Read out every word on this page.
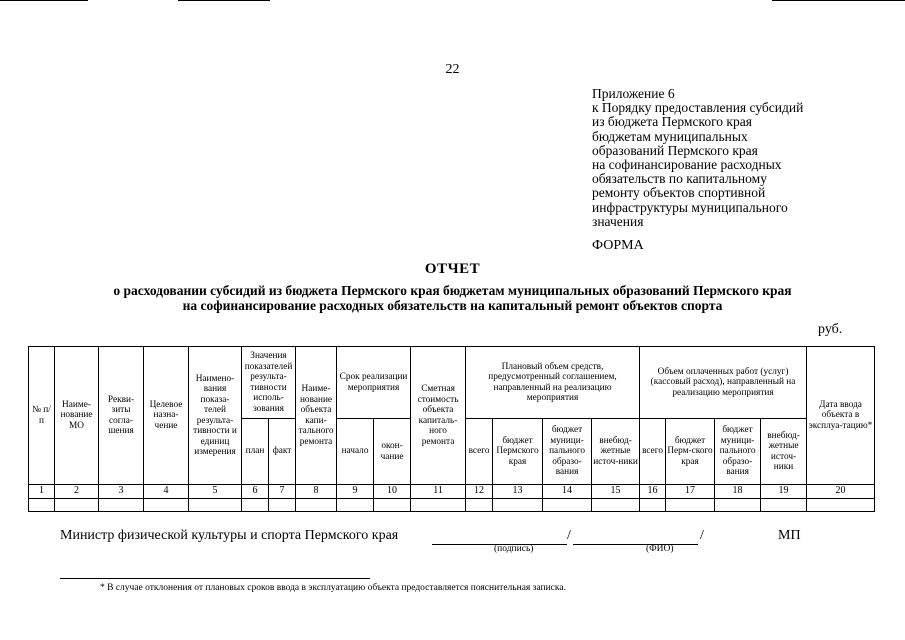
22
Приложение 6
к Порядку предоставления субсидий
из бюджета Пермского края
бюджетам муниципальных
образований Пермского края
на софинансирование расходных
обязательств по капитальному
ремонту объектов спортивной
инфраструктуры муниципального
значения
ФОРМА
ОТЧЕТ
о расходовании субсидий из бюджета Пермского края бюджетам муниципальных образований Пермского края
на софинансирование расходных обязательств на капитальный ремонт объектов спорта
руб.
№ п/п	Наиме-нование МО	Рекви-зиты согла-шения	Целевое назна-чение	Наимено-вания показа-телей результа-тивности и единиц измерения	Значения показателей результа-тивности исполь-зования		Наиме-нование объекта капи-тального ремонта	Срок реализации мероприятия		Сметная стоимость объекта капиталь-ного ремонта	Плановый объем средств, предусмотренный соглашением, направленный на реализацию мероприятия				Объем оплаченных работ (услуг) (кассовый расход), направленный на реализацию мероприятия				Дата ввода объекта в эксплуа-тацию*
					план	факт		начало	окон-чание		всего	бюджет Пермского края	бюджет муници-пального образо-вания	внебюд-жетные источ-ники	всего	бюджет Перм-ского края	бюджет муници-пального образо-вания	внебюд-жетные источ-ники	
1	2	3	4	5	6	7	8	9	10	11	12	13	14	15	16	17	18	19	20

Министр физической культуры и спорта Пермского края	/	/
(подпись)	(ФИО)
МП
* В случае отклонения от плановых сроков ввода в эксплуатацию объекта предоставляется пояснительная записка.
